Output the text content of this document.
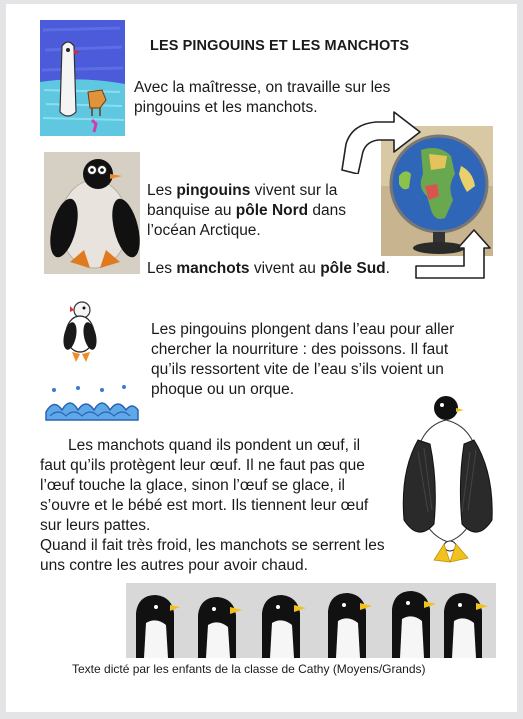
LES PINGOUINS ET LES MANCHOTS
Avec la maîtresse, on travaille sur les pingouins et les manchots.
Les pingouins vivent sur la banquise au pôle Nord dans l’océan Arctique.
Les manchots vivent au pôle Sud.
Les pingouins plongent dans l’eau pour aller chercher la nourriture : des poissons. Il faut qu’ils ressortent vite de l’eau s’ils voient un phoque ou un orque.

Les manchots quand ils pondent un œuf, il faut qu’ils protègent leur œuf. Il ne faut pas que l’œuf touche la glace, sinon l’œuf se glace, il s’ouvre et le bébé est mort. Ils tiennent leur œuf sur leurs pattes.

Quand il fait très froid, les manchots se serrent les uns contre les autres pour avoir chaud.

Texte dicté par les enfants de la classe de Cathy (Moyens/Grands)
